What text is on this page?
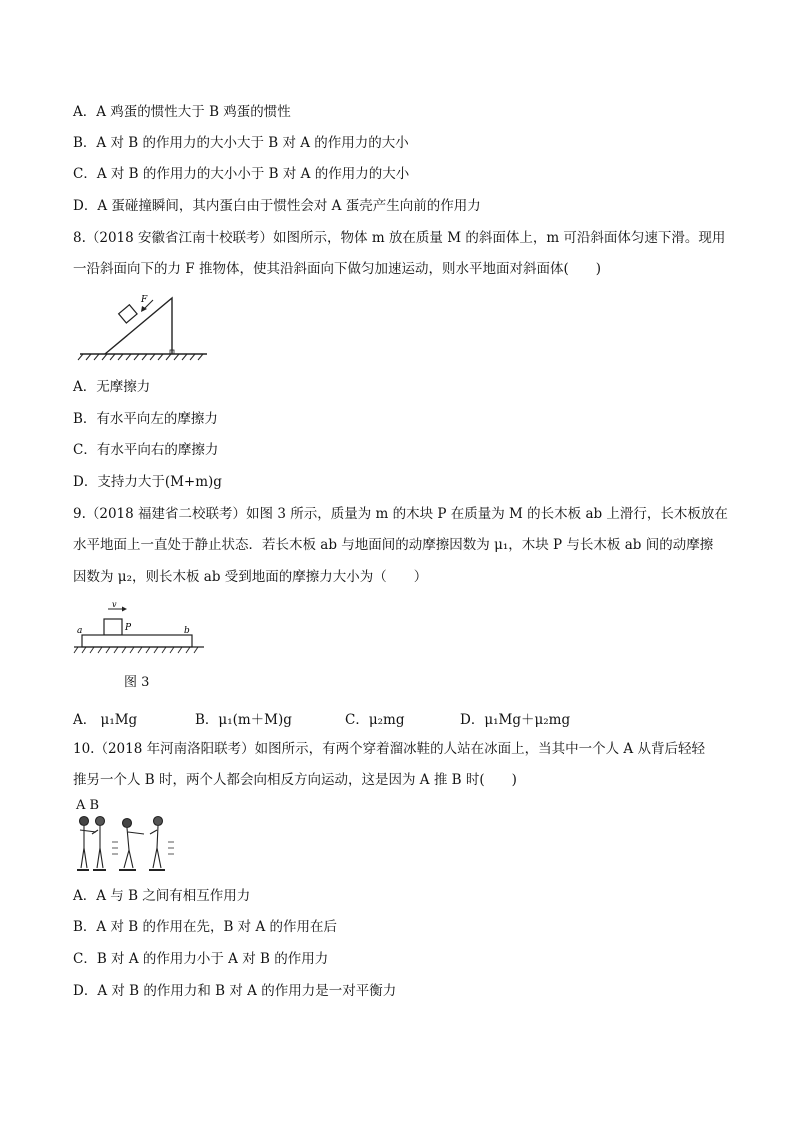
A．A 鸡蛋的惯性大于 B 鸡蛋的惯性
B．A 对 B 的作用力的大小大于 B 对 A 的作用力的大小
C．A 对 B 的作用力的大小小于 B 对 A 的作用力的大小
D．A 蛋碰撞瞬间，其内蛋白由于惯性会对 A 蛋壳产生向前的作用力
8.（2018 安徽省江南十校联考）如图所示，物体 m 放在质量 M 的斜面体上，m 可沿斜面体匀速下滑。现用
一沿斜面向下的力 F 推物体，使其沿斜面向下做匀加速运动，则水平地面对斜面体(　　)
F
A．无摩擦力
B．有水平向左的摩擦力
C．有水平向右的摩擦力
D．支持力大于(M+m)g
9.（2018 福建省二校联考）如图 3 所示，质量为 m 的木块 P 在质量为 M 的长木板 ab 上滑行，长木板放在
水平地面上一直处于静止状态．若长木板 ab 与地面间的动摩擦因数为 μ₁，木块 P 与长木板 ab 间的动摩擦
因数为 μ₂，则长木板 ab 受到地面的摩擦力大小为（　　）
v
P
a	b
图 3
A． μ₁Mg	B．μ₁(m＋M)g	C．μ₂mg	D．μ₁Mg＋μ₂mg
10.（2018 年河南洛阳联考）如图所示，有两个穿着溜冰鞋的人站在冰面上，当其中一个人 A 从背后轻轻
推另一个人 B 时，两个人都会向相反方向运动，这是因为 A 推 B 时(　　)
A B
A．A 与 B 之间有相互作用力
B．A 对 B 的作用在先，B 对 A 的作用在后
C．B 对 A 的作用力小于 A 对 B 的作用力
D．A 对 B 的作用力和 B 对 A 的作用力是一对平衡力
